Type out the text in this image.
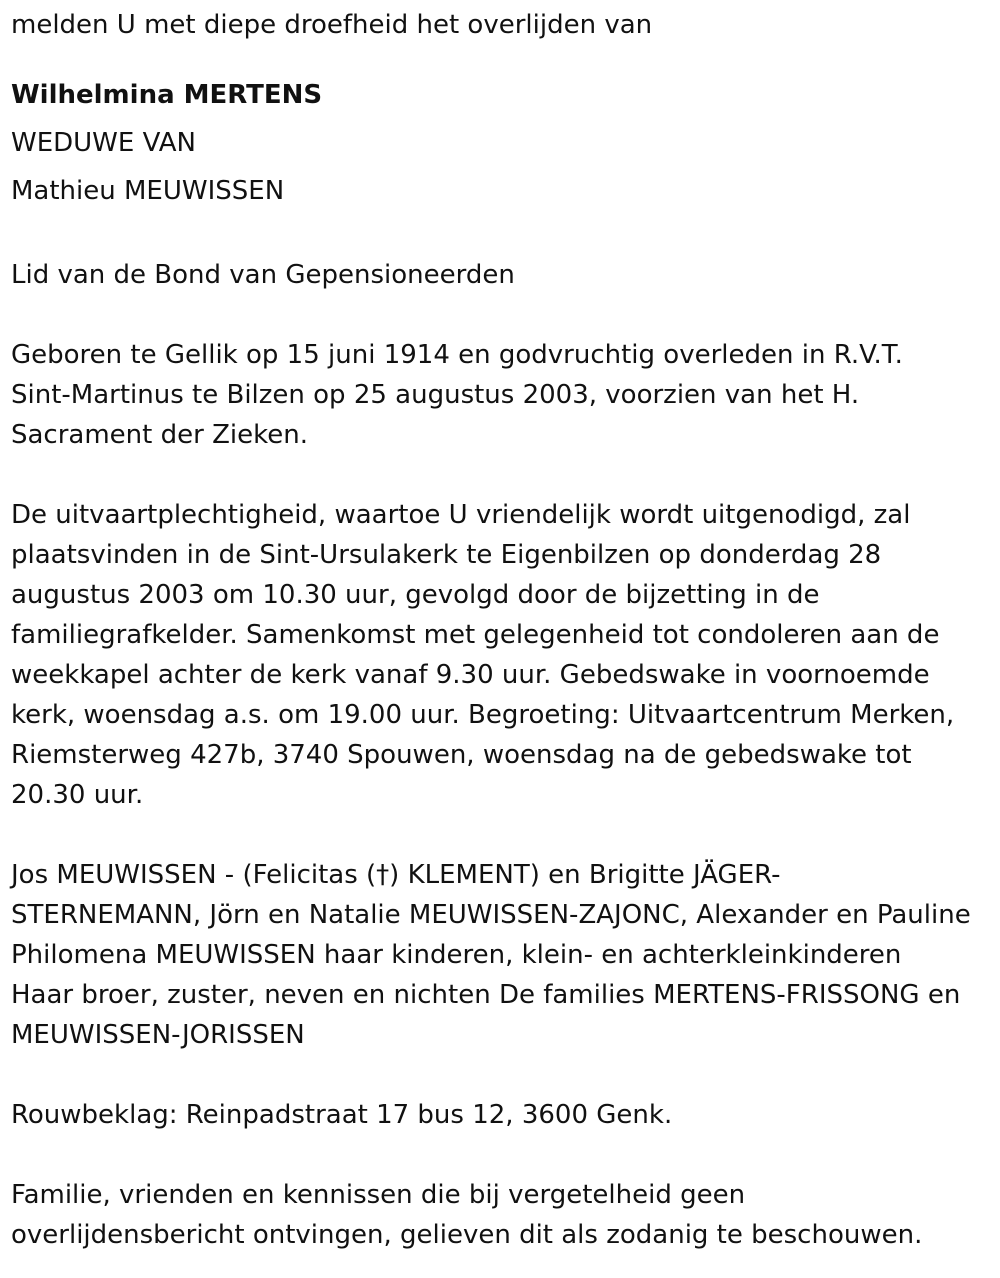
melden U met diepe droefheid het overlijden van

Wilhelmina MERTENS

WEDUWE VAN

Mathieu MEUWISSEN

Lid van de Bond van Gepensioneerden

Geboren te Gellik op 15 juni 1914 en godvruchtig overleden in R.V.T.

Sint-Martinus te Bilzen op 25 augustus 2003, voorzien van het H.

Sacrament der Zieken.

De uitvaartplechtigheid, waartoe U vriendelijk wordt uitgenodigd, zal

plaatsvinden in de Sint-Ursulakerk te Eigenbilzen op donderdag 28

augustus 2003 om 10.30 uur, gevolgd door de bijzetting in de

familiegrafkelder. Samenkomst met gelegenheid tot condoleren aan de

weekkapel achter de kerk vanaf 9.30 uur. Gebedswake in voornoemde

kerk, woensdag a.s. om 19.00 uur. Begroeting: Uitvaartcentrum Merken,

Riemsterweg 427b, 3740 Spouwen, woensdag na de gebedswake tot

20.30 uur.

Jos MEUWISSEN - (Felicitas (†) KLEMENT) en Brigitte JÄGER-

STERNEMANN, Jörn en Natalie MEUWISSEN-ZAJONC, Alexander en Pauline

Philomena MEUWISSEN haar kinderen, klein- en achterkleinkinderen

Haar broer, zuster, neven en nichten De families MERTENS-FRISSONG en

MEUWISSEN-JORISSEN

Rouwbeklag: Reinpadstraat 17 bus 12, 3600 Genk.

Familie, vrienden en kennissen die bij vergetelheid geen

overlijdensbericht ontvingen, gelieven dit als zodanig te beschouwen.
